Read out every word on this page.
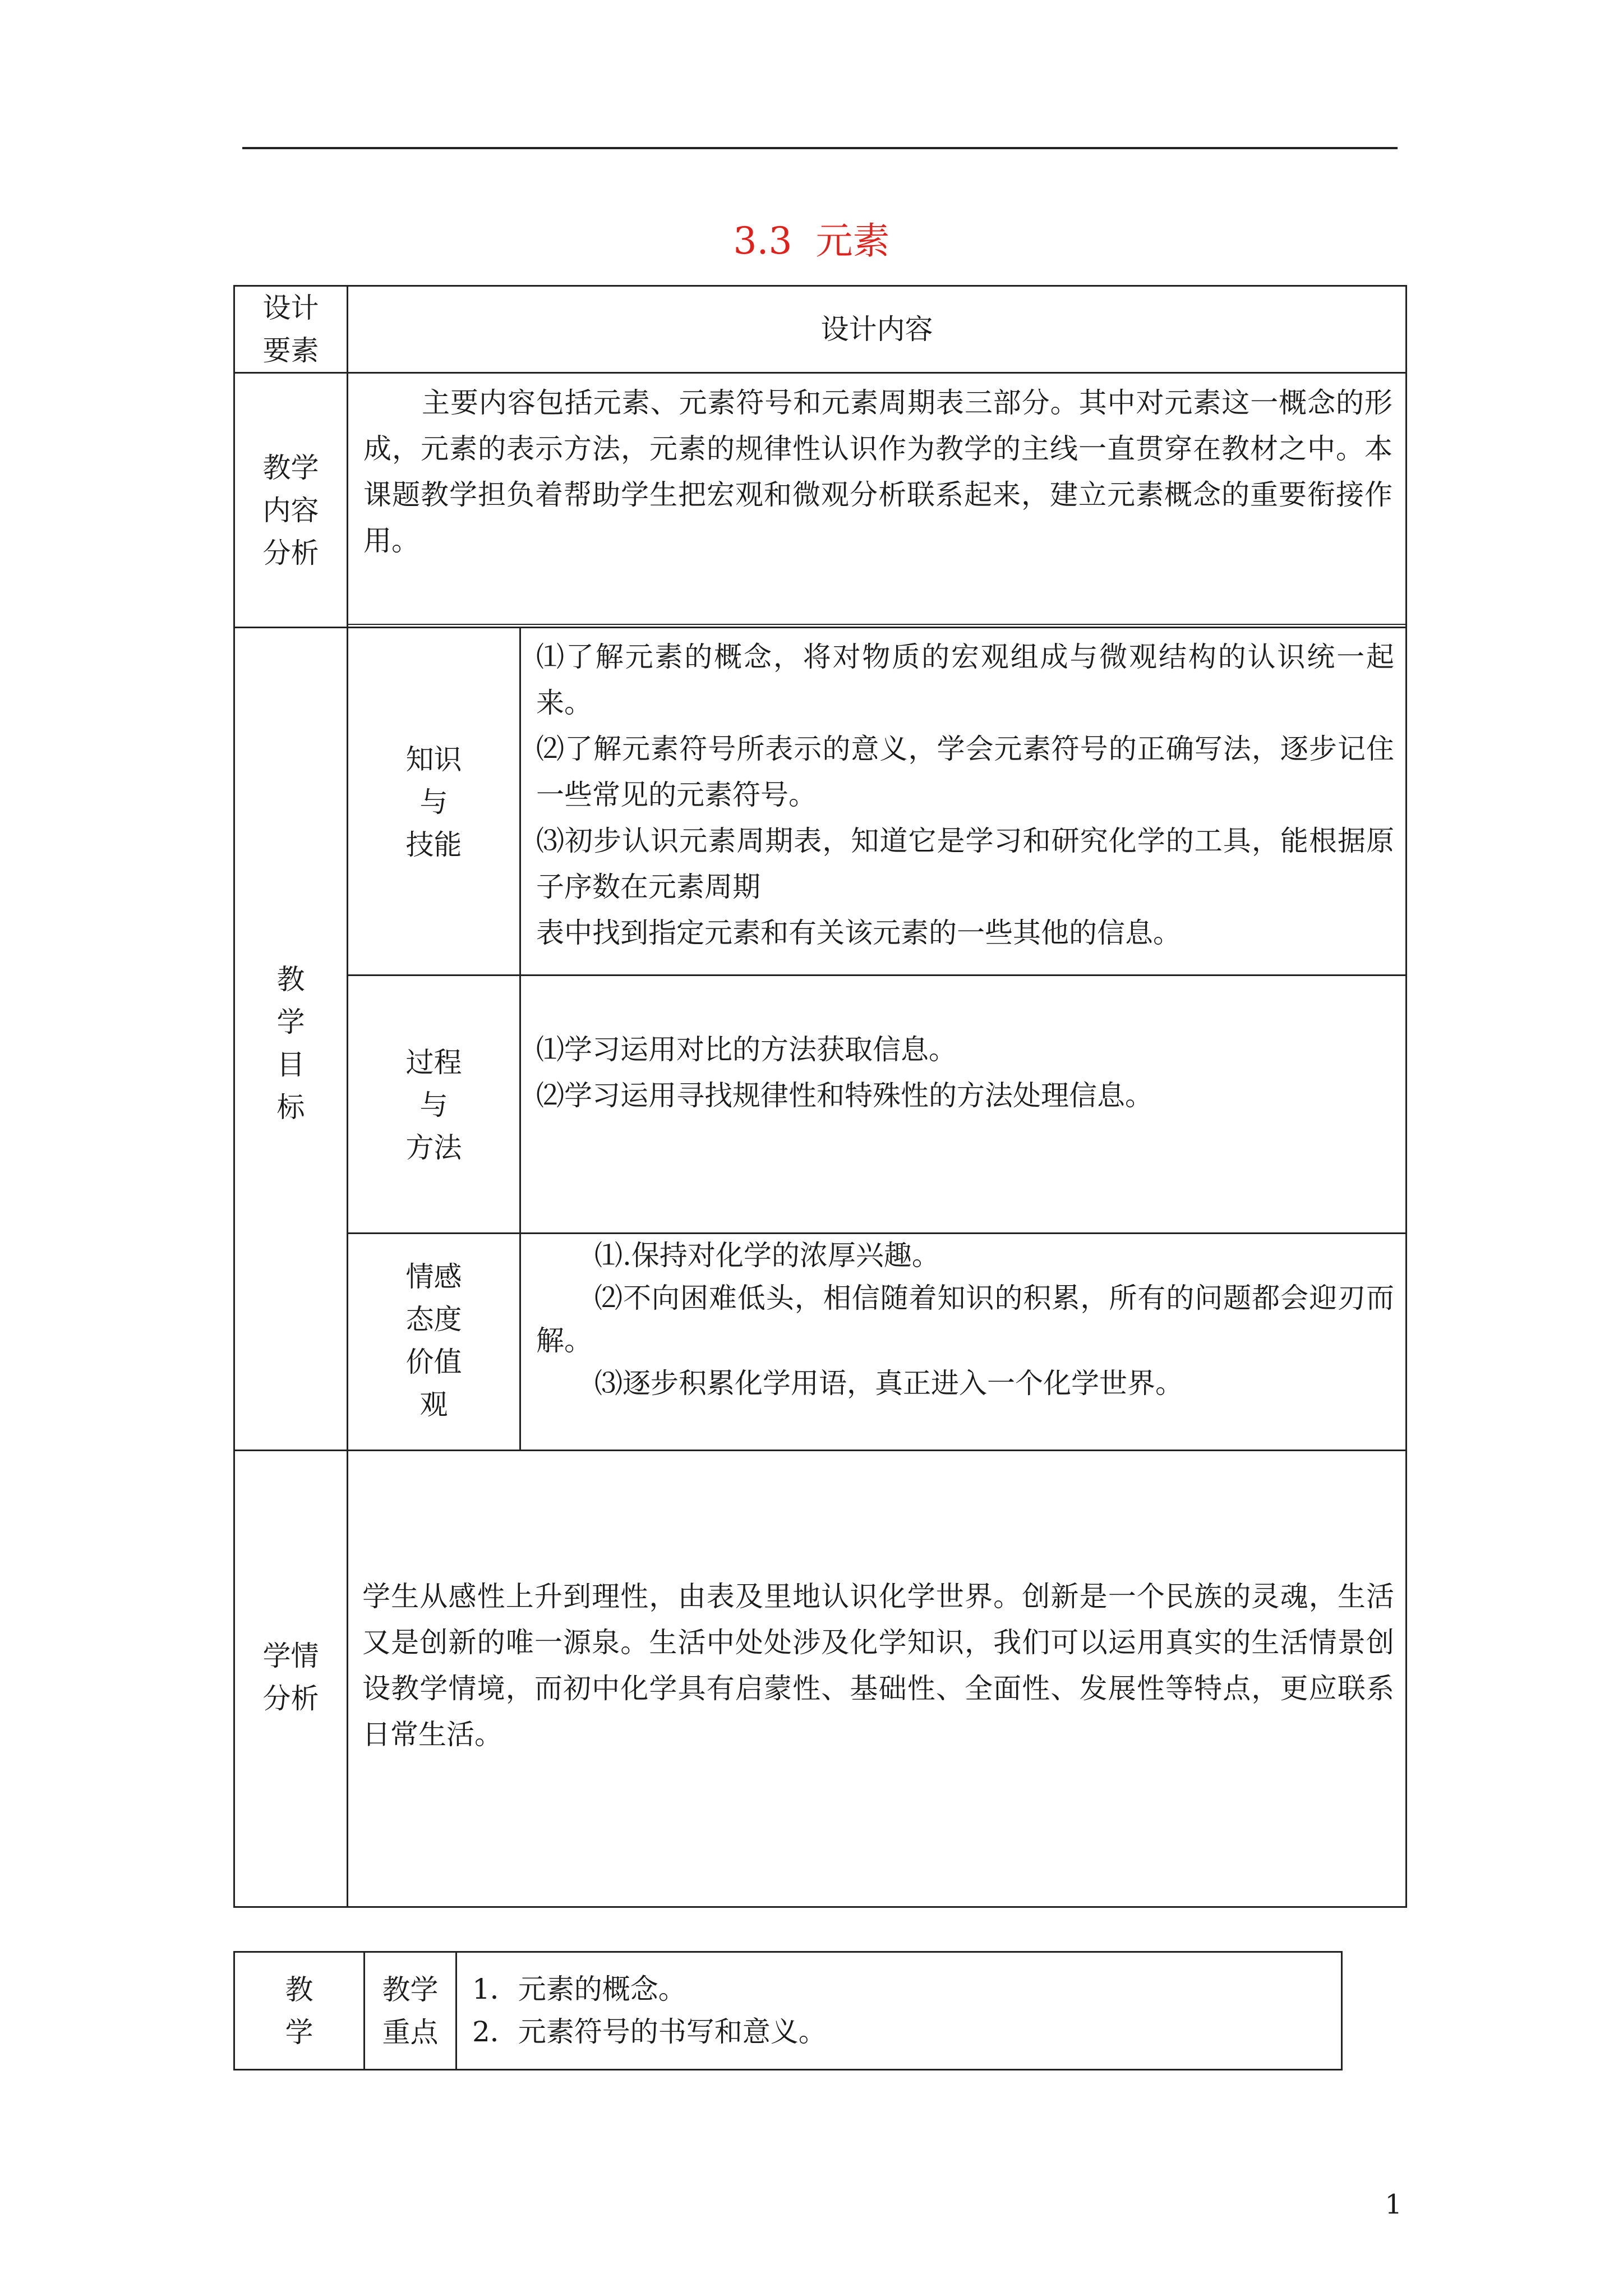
3.3  元素
设计
要素
设计内容
教学
内容
分析
主要内容包括元素、元素符号和元素周期表三部分。其中对元素这一概念的形成，元素的表示方法，元素的规律性认识作为教学的主线一直贯穿在教材之中。本课题教学担负着帮助学生把宏观和微观分析联系起来，建立元素概念的重要衔接作用。
教
学
目
标
知识
与
技能
⑴了解元素的概念，将对物质的宏观组成与微观结构的认识统一起来。
⑵了解元素符号所表示的意义，学会元素符号的正确写法，逐步记住一些常见的元素符号。
⑶初步认识元素周期表，知道它是学习和研究化学的工具，能根据原子序数在元素周期
表中找到指定元素和有关该元素的一些其他的信息。
过程
与
方法
⑴学习运用对比的方法获取信息。
⑵学习运用寻找规律性和特殊性的方法处理信息。
情感
态度
价值
观
⑴.保持对化学的浓厚兴趣。
⑵不向困难低头，相信随着知识的积累，所有的问题都会迎刃而解。
⑶逐步积累化学用语，真正进入一个化学世界。
学情
分析
学生从感性上升到理性，由表及里地认识化学世界。创新是一个民族的灵魂，生活又是创新的唯一源泉。生活中处处涉及化学知识，我们可以运用真实的生活情景创设教学情境，而初中化学具有启蒙性、基础性、全面性、发展性等特点，更应联系日常生活。
教
学
教学
重点
1．元素的概念。
2．元素符号的书写和意义。
1
